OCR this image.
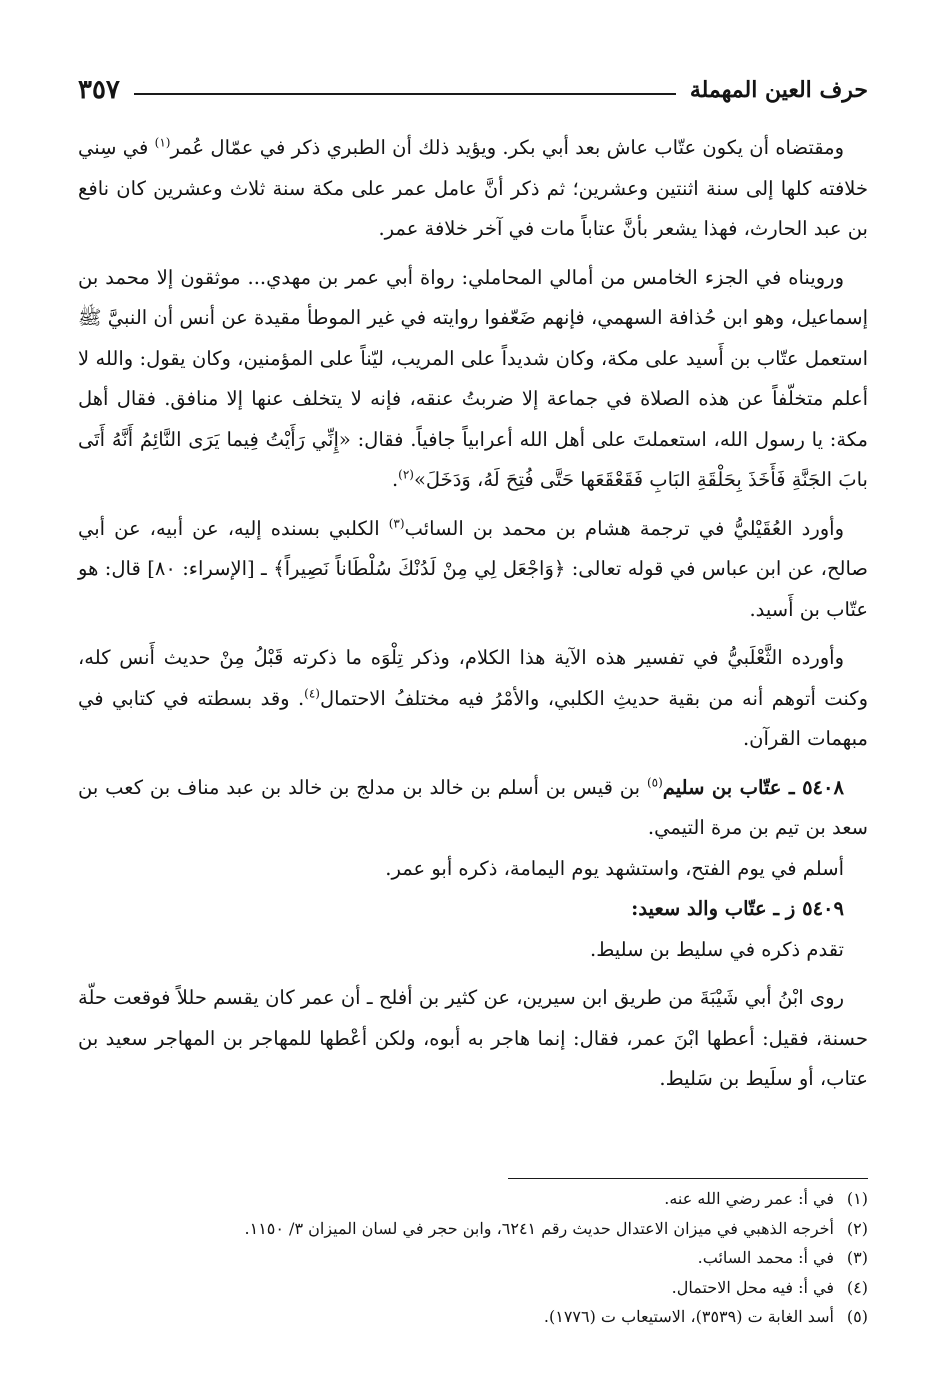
حرف العين المهملة
٣٥٧

ومقتضاه أن يكون عتّاب عاش بعد أبي بكر. ويؤيد ذلك أن الطبري ذكر في عمّال عُمر$^{(١)}$ في سِني خلافته كلها إلى سنة اثنتين وعشرين؛ ثم ذكر أنَّ عامل عمر على مكة سنة ثلاث وعشرين كان نافع بن عبد الحارث، فهذا يشعر بأنَّ عتاباً مات في آخر خلافة عمر.

ورويناه في الجزء الخامس من أمالي المحاملي: رواة أبي عمر بن مهدي... موثقون إلا محمد بن إسماعيل، وهو ابن حُذافة السهمي، فإنهم ضَعّفوا روايته في غير الموطأ مقيدة عن أنس أن النبيَّ ﷺ استعمل عتّاب بن أَسيد على مكة، وكان شديداً على المريب، ليّناً على المؤمنين، وكان يقول: والله لا أعلم متخلّفاً عن هذه الصلاة في جماعة إلا ضربتُ عنقه، فإنه لا يتخلف عنها إلا منافق. فقال أهل مكة: يا رسول الله، استعملتَ على أهل الله أعرابياً جافياً. فقال: «إِنِّي رَأَيْتُ فِيما يَرَى النَّائِمُ أَنَّهُ أَتَى بابَ الجَنَّةِ فَأَخَذَ بِحَلْقَةِ البَابِ فَقَعْقَعَها حَتَّى فُتِحَ لَهُ، وَدَخَلَ»$^{(٢)}$.

وأورد العُقَيْليُّ في ترجمة هشام بن محمد بن السائب$^{(٣)}$ الكلبي بسنده إليه، عن أبيه، عن أبي صالح، عن ابن عباس في قوله تعالى: ﴿وَاجْعَل لِي مِنْ لَدُنْكَ سُلْطَاناً نَصِيراً﴾ ـ [الإسراء: ٨٠] قال: هو عتّاب بن أَسيد.

وأورده الثَّعْلَبيُّ في تفسير هذه الآية هذا الكلام، وذكر تِلْوَه ما ذكرته قَبْلُ مِنْ حديث أَنس كله، وكنت أتوهم أنه من بقية حديثِ الكلبي، والأمْرُ فيه مختلفُ الاحتمال$^{(٤)}$. وقد بسطته في كتابي في مبهمات القرآن.

٥٤٠٨ ـ عتّاب بن سليم$^{(٥)}$ بن قيس بن أسلم بن خالد بن مدلج بن خالد بن عبد مناف بن كعب بن سعد بن تيم بن مرة التيمي.

أسلم في يوم الفتح، واستشهد يوم اليمامة، ذكره أبو عمر.

٥٤٠٩ ز ـ عتّاب والد سعيد:

تقدم ذكره في سليط بن سليط.

روى ابْنُ أبي شَيْبَةَ من طريق ابن سيرين، عن كثير بن أفلح ـ أن عمر كان يقسم حللاً فوقعت حلّة حسنة، فقيل: أعطها ابْنَ عمر، فقال: إنما هاجر به أبوه، ولكن أعْطها للمهاجر بن المهاجر سعيد بن عتاب، أو سلَيط بن سَليط.

(١)
في أ: عمر رضي الله عنه.
(٢)
أخرجه الذهبي في ميزان الاعتدال حديث رقم ٦٢٤١، وابن حجر في لسان الميزان ٣/ ١١٥٠.
(٣)
في أ: محمد السائب.
(٤)
في أ: فيه محل الاحتمال.
(٥)
أسد الغابة ت (٣٥٣٩)، الاستيعاب ت (١٧٧٦).
